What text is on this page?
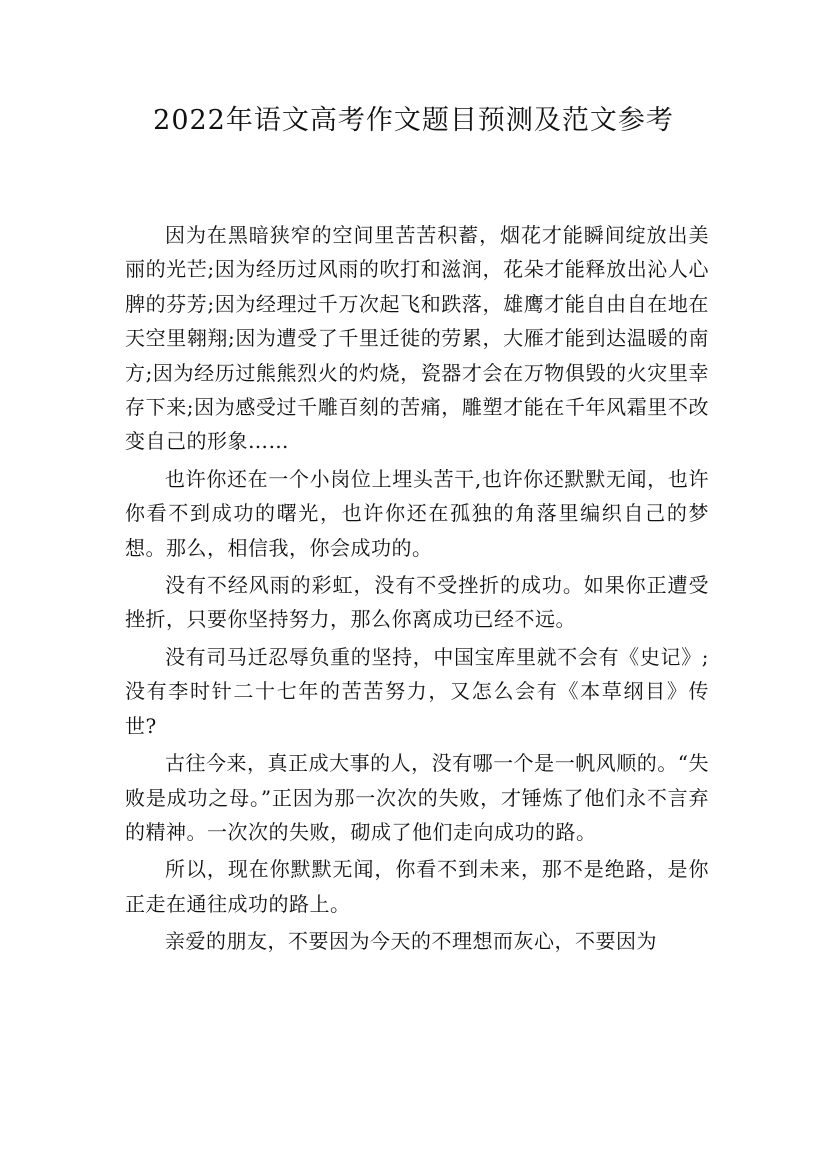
2022年语文高考作文题目预测及范文参考

因为在黑暗狭窄的空间里苦苦积蓄，烟花才能瞬间绽放出美丽的光芒;因为经历过风雨的吹打和滋润，花朵才能释放出沁人心脾的芬芳;因为经理过千万次起飞和跌落，雄鹰才能自由自在地在天空里翱翔;因为遭受了千里迁徙的劳累，大雁才能到达温暖的南方;因为经历过熊熊烈火的灼烧，瓷器才会在万物俱毁的火灾里幸存下来;因为感受过千雕百刻的苦痛，雕塑才能在千年风霜里不改变自己的形象……

也许你还在一个小岗位上埋头苦干,也许你还默默无闻，也许你看不到成功的曙光，也许你还在孤独的角落里编织自己的梦想。那么，相信我，你会成功的。

没有不经风雨的彩虹，没有不受挫折的成功。如果你正遭受挫折，只要你坚持努力，那么你离成功已经不远。

没有司马迁忍辱负重的坚持，中国宝库里就不会有《史记》;没有李时针二十七年的苦苦努力，又怎么会有《本草纲目》传 世?

古往今来，真正成大事的人，没有哪一个是一帆风顺的。“失败是成功之母。”正因为那一次次的失败，才锤炼了他们永不言弃的精神。一次次的失败，砌成了他们走向成功的路。

所以，现在你默默无闻，你看不到未来，那不是绝路，是你正走在通往成功的路上。

亲爱的朋友，不要因为今天的不理想而灰心，不要因为
